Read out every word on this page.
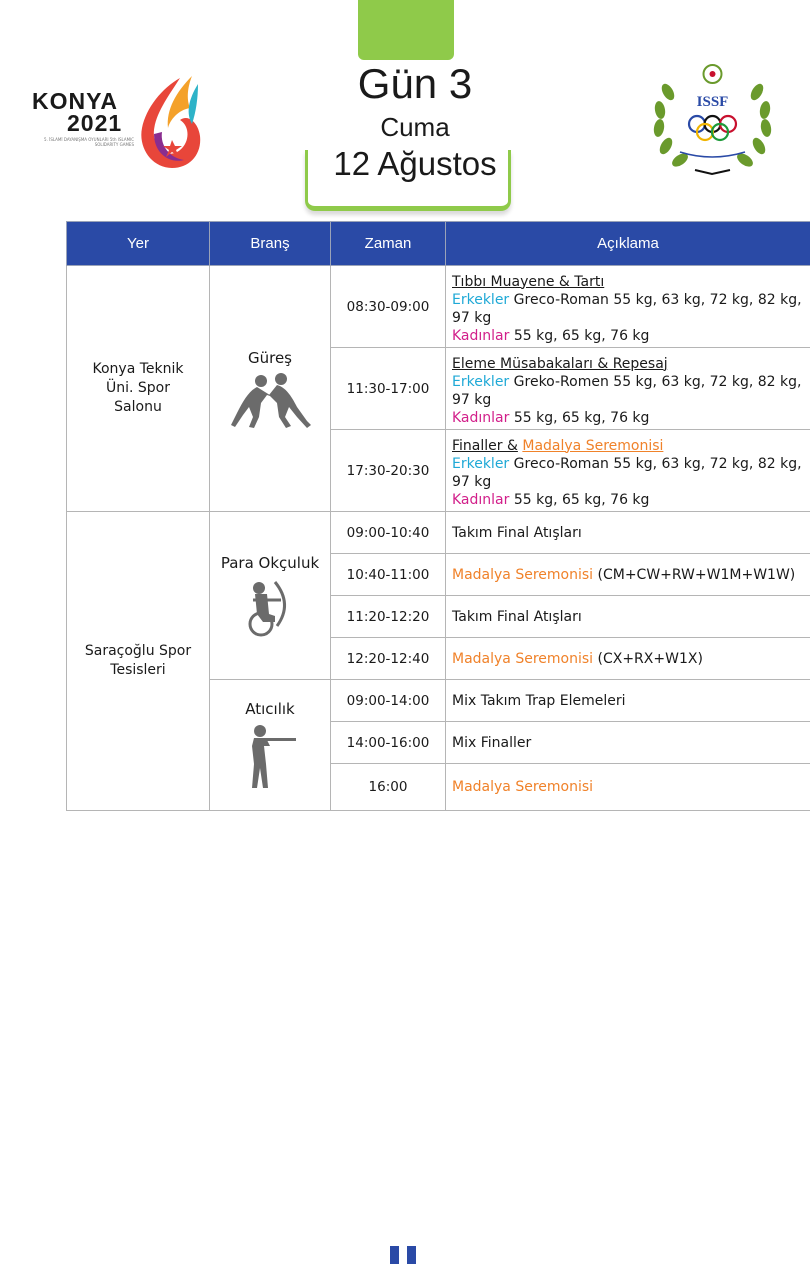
Gün 3
Cuma
12 Ağustos
KONYA
2021
5. İSLAMİ DAYANIŞMA OYUNLARI 5th ISLAMIC SOLIDARITY GAMES
ISSF
Yer	Branş	Zaman	Açıklama

Konya Teknik Üni. Spor Salonu	Güreş	08:30-09:00	Tıbbı Muayene & Tartı
Erkekler Greco-Roman 55 kg, 63 kg, 72 kg, 82 kg, 97 kg
Kadınlar 55 kg, 65 kg, 76 kg

		11:30-17:00	Eleme Müsabakaları & Repesaj
Erkekler Greko-Romen 55 kg, 63 kg, 72 kg, 82 kg, 97 kg
Kadınlar 55 kg, 65 kg, 76 kg

		17:30-20:30	Finaller & Madalya Seremonisi
Erkekler Greco-Roman 55 kg, 63 kg, 72 kg, 82 kg, 97 kg
Kadınlar 55 kg, 65 kg, 76 kg

Saraçoğlu Spor Tesisleri	Para Okçuluk	09:00-10:40	Takım Final Atışları
		10:40-11:00	Madalya Seremonisi (CM+CW+RW+W1M+W1W)
		11:20-12:20	Takım Final Atışları
		12:20-12:40	Madalya Seremonisi (CX+RX+W1X)

	Atıcılık	09:00-14:00	Mix Takım Trap Elemeleri
		14:00-16:00	Mix Finaller
		16:00	Madalya Seremonisi
